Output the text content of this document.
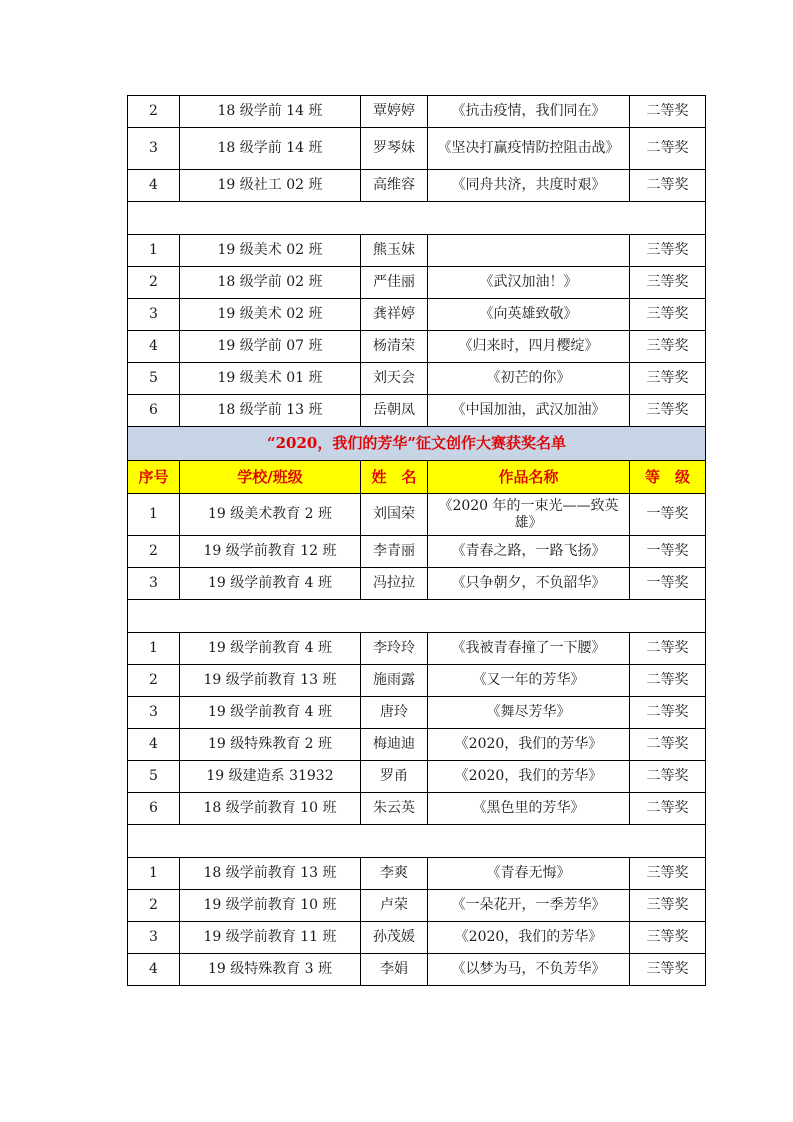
2	18 级学前 14 班	覃婷婷	《抗击疫情，我们同在》	二等奖
3	18 级学前 14 班	罗琴妹	《坚决打赢疫情防控阻击战》	二等奖
4	19 级社工 02 班	高维容	《同舟共济，共度时艰》	二等奖

1	19 级美术 02 班	熊玉妹		三等奖
2	18 级学前 02 班	严佳丽	《武汉加油！》	三等奖
3	19 级美术 02 班	龚祥婷	《向英雄致敬》	三等奖
4	19 级学前 07 班	杨清荣	《归来时，四月樱绽》	三等奖
5	19 级美术 01 班	刘天会	《初芒的你》	三等奖
6	18 级学前 13 班	岳朝凤	《中国加油，武汉加油》	三等奖
“2020，我们的芳华”征文创作大赛获奖名单				
序号	学校/班级	姓　名	作品名称	等　级
1	19 级美术教育 2 班	刘国荣	《2020 年的一束光——致英雄》	一等奖
2	19 级学前教育 12 班	李青丽	《青春之路，一路飞扬》	一等奖
3	19 级学前教育 4 班	冯拉拉	《只争朝夕，不负韶华》	一等奖

1	19 级学前教育 4 班	李玲玲	《我被青春撞了一下腰》	二等奖
2	19 级学前教育 13 班	施雨露	《又一年的芳华》	二等奖
3	19 级学前教育 4 班	唐玲	《舞尽芳华》	二等奖
4	19 级特殊教育 2 班	梅迪迪	《2020，我们的芳华》	二等奖
5	19 级建造系 31932	罗甬	《2020，我们的芳华》	二等奖
6	18 级学前教育 10 班	朱云英	《黑色里的芳华》	二等奖

1	18 级学前教育 13 班	李爽	《青春无悔》	三等奖
2	19 级学前教育 10 班	卢荣	《一朵花开，一季芳华》	三等奖
3	19 级学前教育 11 班	孙茂媛	《2020，我们的芳华》	三等奖
4	19 级特殊教育 3 班	李娟	《以梦为马，不负芳华》	三等奖
